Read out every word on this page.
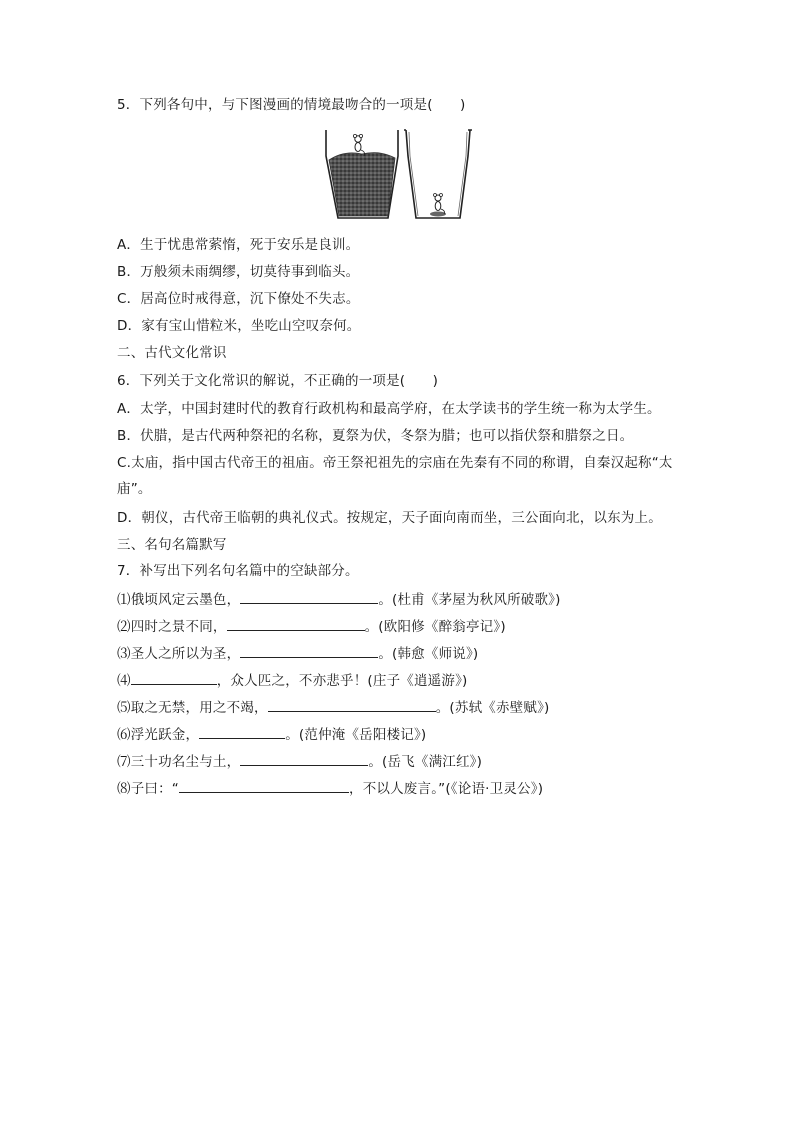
5．下列各句中，与下图漫画的情境最吻合的一项是(　　)
A．生于忧患常萦惰，死于安乐是良训。
B．万般须未雨绸缪，切莫待事到临头。
C．居高位时戒得意，沉下僚处不失志。
D．家有宝山惜粒米，坐吃山空叹奈何。
二、古代文化常识
6．下列关于文化常识的解说，不正确的一项是(　　)
A．太学，中国封建时代的教育行政机构和最高学府，在太学读书的学生统一称为太学生。
B．伏腊，是古代两种祭祀的名称，夏祭为伏，冬祭为腊；也可以指伏祭和腊祭之日。
C.太庙，指中国古代帝王的祖庙。帝王祭祀祖先的宗庙在先秦有不同的称谓，自秦汉起称“太庙”。
D．朝仪，古代帝王临朝的典礼仪式。按规定，天子面向南而坐，三公面向北，以东为上。
三、名句名篇默写
7．补写出下列名句名篇中的空缺部分。
⑴俄顷风定云墨色，	。(杜甫《茅屋为秋风所破歌》)
⑵四时之景不同，	。(欧阳修《醉翁亭记》)
⑶圣人之所以为圣，	。(韩愈《师说》)
⑷	，众人匹之，不亦悲乎！(庄子《逍遥游》)
⑸取之无禁，用之不竭，	。(苏轼《赤壁赋》)
⑹浮光跃金，	。(范仲淹《岳阳楼记》)
⑺三十功名尘与土，	。(岳飞《满江红》)
⑻子曰：“	，不以人废言。”(《论语·卫灵公》)
